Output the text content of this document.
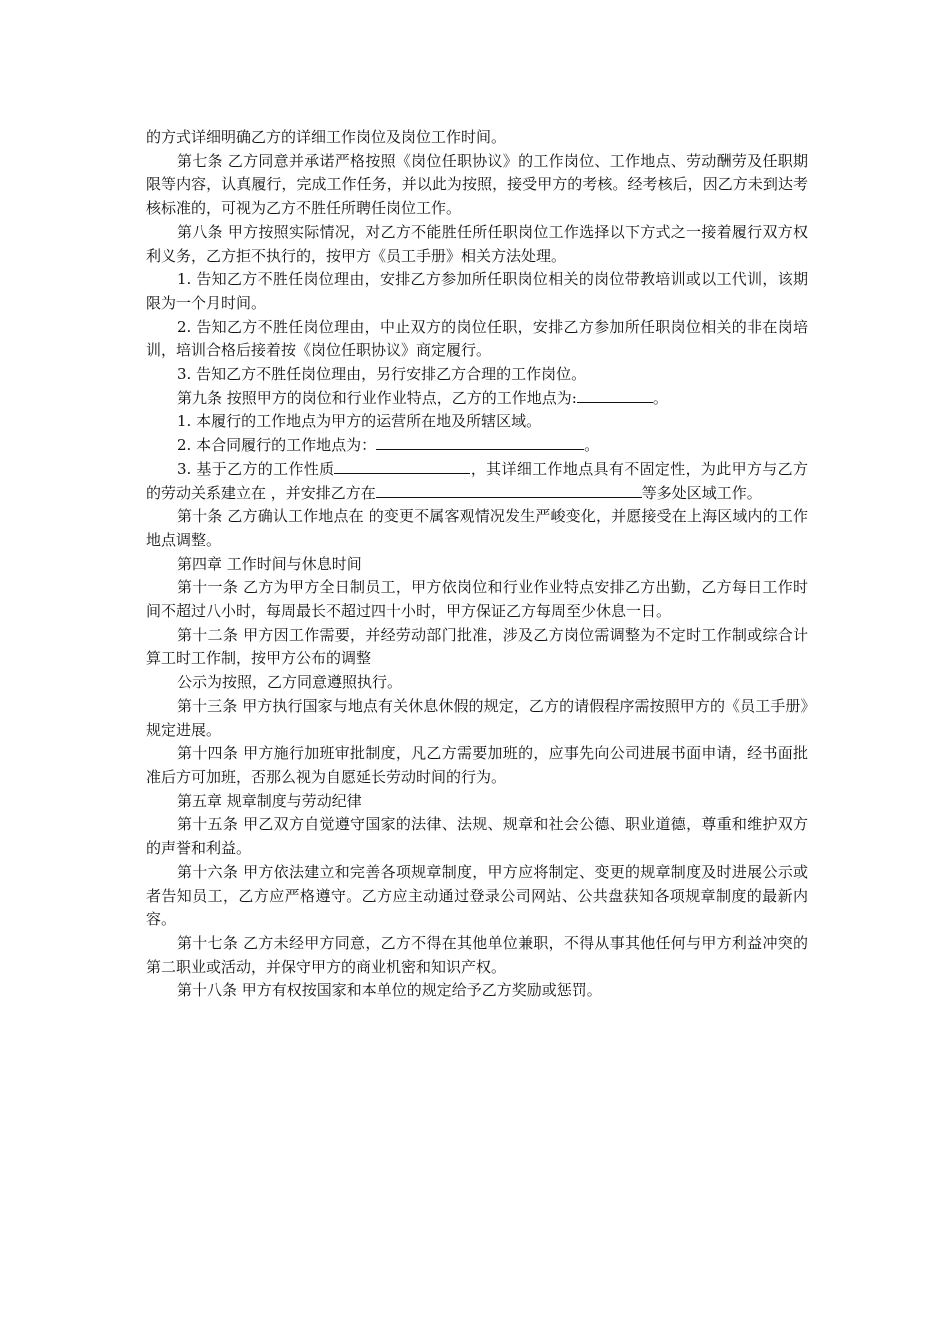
的方式详细明确乙方的详细工作岗位及岗位工作时间。

第七条 乙方同意并承诺严格按照《岗位任职协议》的工作岗位、工作地点、劳动酬劳及任职期限等内容，认真履行，完成工作任务，并以此为按照，接受甲方的考核。经考核后，因乙方未到达考核标准的，可视为乙方不胜任所聘任岗位工作。

第八条 甲方按照实际情况，对乙方不能胜任所任职岗位工作选择以下方式之一接着履行双方权利义务，乙方拒不执行的，按甲方《员工手册》相关方法处理。

1. 告知乙方不胜任岗位理由，安排乙方参加所任职岗位相关的岗位带教培训或以工代训，该期限为一个月时间。

2. 告知乙方不胜任岗位理由，中止双方的岗位任职，安排乙方参加所任职岗位相关的非在岗培训，培训合格后接着按《岗位任职协议》商定履行。

3. 告知乙方不胜任岗位理由，另行安排乙方合理的工作岗位。

第九条 按照甲方的岗位和行业作业特点，乙方的工作地点为:	。

1. 本履行的工作地点为甲方的运营所在地及所辖区域。

2. 本合同履行的工作地点为：	。

3. 基于乙方的工作性质	，其详细工作地点具有不固定性，为此甲方与乙方的劳动关系建立在 ，并安排乙方在	等多处区域工作。

第十条 乙方确认工作地点在 的变更不属客观情况发生严峻变化，并愿接受在上海区域内的工作地点调整。

第四章 工作时间与休息时间

第十一条 乙方为甲方全日制员工，甲方依岗位和行业作业特点安排乙方出勤，乙方每日工作时间不超过八小时，每周最长不超过四十小时，甲方保证乙方每周至少休息一日。

第十二条 甲方因工作需要，并经劳动部门批准，涉及乙方岗位需调整为不定时工作制或综合计算工时工作制，按甲方公布的调整

公示为按照，乙方同意遵照执行。

第十三条 甲方执行国家与地点有关休息休假的规定，乙方的请假程序需按照甲方的《员工手册》规定进展。

第十四条 甲方施行加班审批制度，凡乙方需要加班的，应事先向公司进展书面申请，经书面批准后方可加班，否那么视为自愿延长劳动时间的行为。

第五章 规章制度与劳动纪律

第十五条 甲乙双方自觉遵守国家的法律、法规、规章和社会公德、职业道德，尊重和维护双方的声誉和利益。

第十六条 甲方依法建立和完善各项规章制度，甲方应将制定、变更的规章制度及时进展公示或者告知员工，乙方应严格遵守。乙方应主动通过登录公司网站、公共盘获知各项规章制度的最新内容。

第十七条 乙方未经甲方同意，乙方不得在其他单位兼职，不得从事其他任何与甲方利益冲突的第二职业或活动，并保守甲方的商业机密和知识产权。

第十八条 甲方有权按国家和本单位的规定给予乙方奖励或惩罚。
